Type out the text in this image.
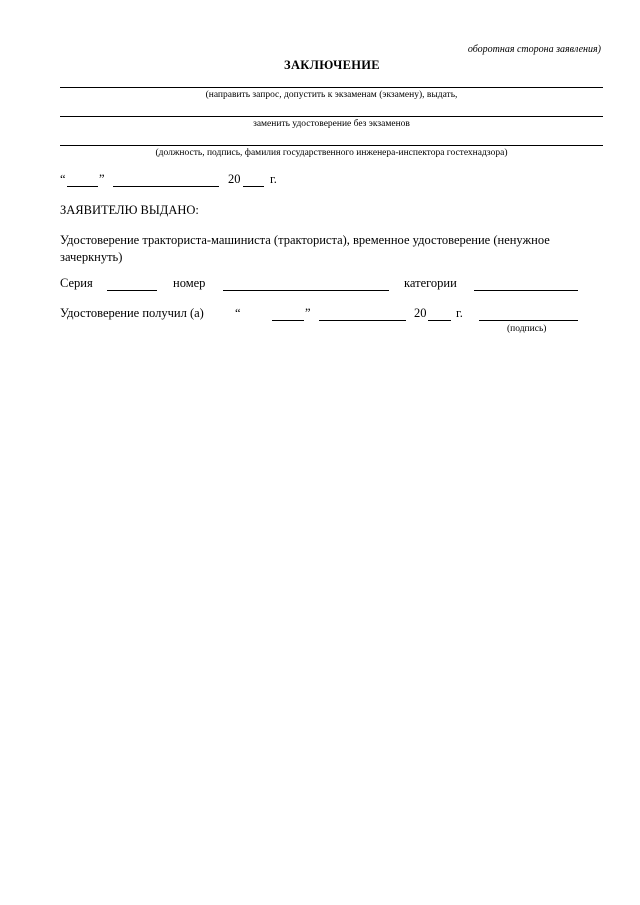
оборотная сторона заявления)
ЗАКЛЮЧЕНИЕ
(направить запрос, допустить к экзаменам (экзамену), выдать,
заменить удостоверение без экзаменов
(должность, подпись, фамилия государственного инженера-инспектора гостехнадзора)
“	”	20 г.
ЗАЯВИТЕЛЮ ВЫДАНО:
Удостоверение тракториста-машиниста (тракториста), временное удостоверение (ненужное зачеркнуть)
Серия	номер	категории
Удостоверение получил (а) “	”	20 г.
(подпись)
